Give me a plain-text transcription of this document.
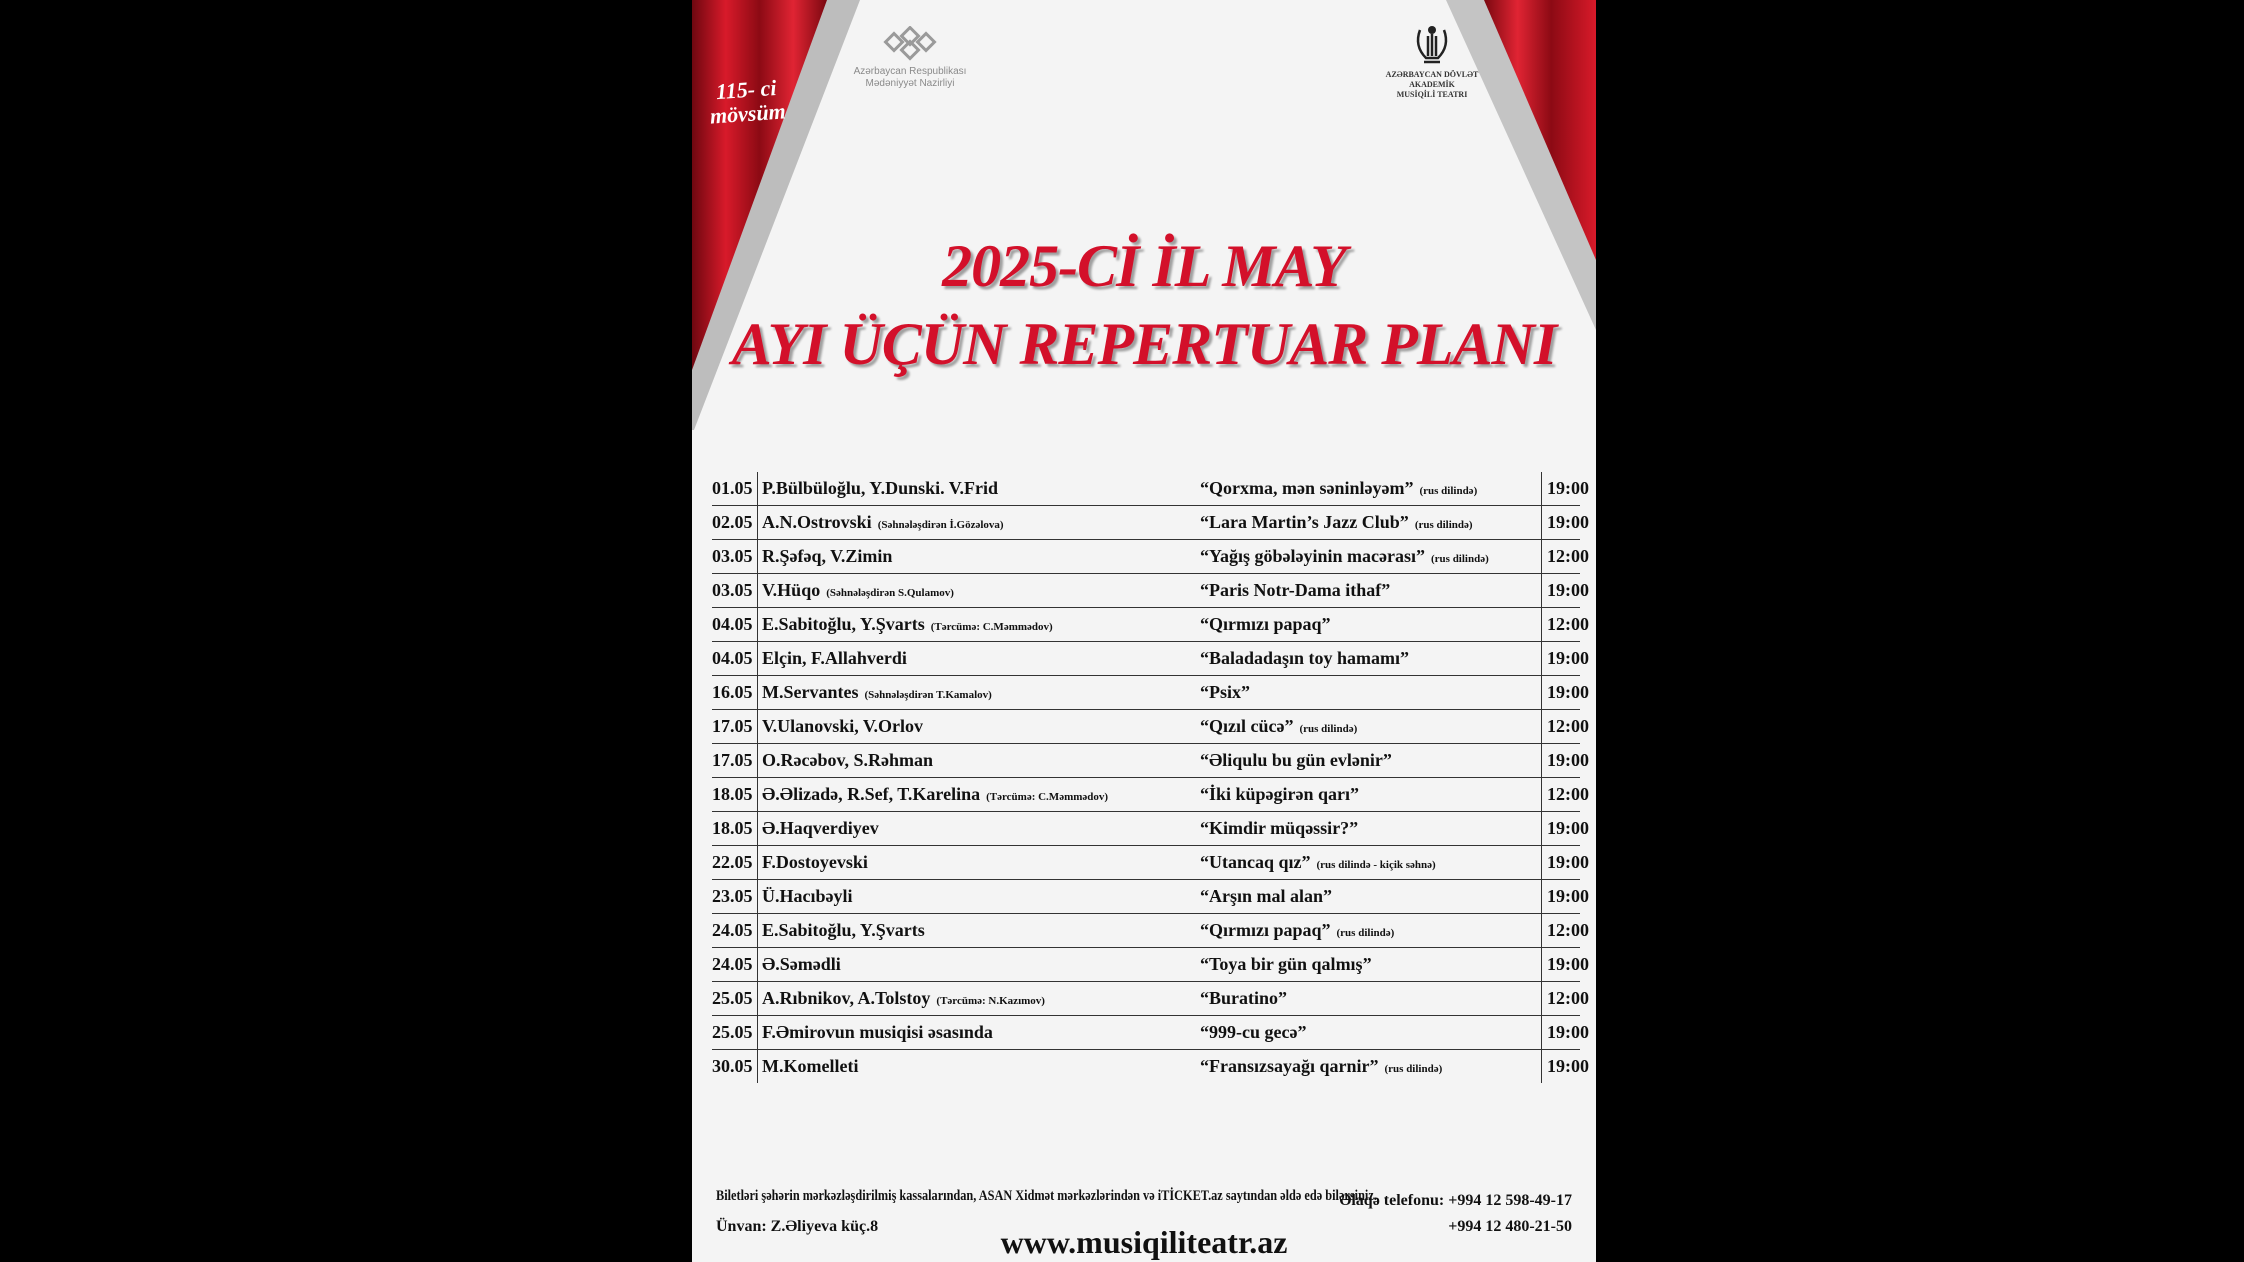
115- ci
mövsüm
Azərbaycan Respublikası
Mədəniyyət Nazirliyi
AZƏRBAYCAN DÖVLƏT
AKADEMİK
MUSİQİLİ TEATRI
2025-Cİ İL MAY
AYI ÜÇÜN REPERTUAR PLANI
01.05 P.Bülbüloğlu, Y.Dunski. V.Frid	“Qorxma, mən səninləyəm” (rus dilində)	19:00
02.05 A.N.Ostrovski (Səhnələşdirən İ.Gözəlova)	“Lara Martin’s Jazz Club” (rus dilində)	19:00
03.05 R.Şəfəq, V.Zimin	“Yağış göbələyinin macərası” (rus dilində)	12:00
03.05 V.Hüqo (Səhnələşdirən S.Qulamov)	“Paris Notr-Dama ithaf”	19:00
04.05 E.Sabitoğlu, Y.Şvarts (Tərcümə: C.Məmmədov)	“Qırmızı papaq”	12:00
04.05 Elçin, F.Allahverdi	“Baladadaşın toy hamamı”	19:00
16.05 M.Servantes (Səhnələşdirən T.Kamalov)	“Psix”	19:00
17.05 V.Ulanovski, V.Orlov	“Qızıl cücə” (rus dilində)	12:00
17.05 O.Rəcəbov, S.Rəhman	“Əliqulu bu gün evlənir”	19:00
18.05 Ə.Əlizadə, R.Sef, T.Karelina (Tərcümə: C.Məmmədov)	“İki küpəgirən qarı”	12:00
18.05 Ə.Haqverdiyev	“Kimdir müqəssir?”	19:00
22.05 F.Dostoyevski	“Utancaq qız” (rus dilində - kiçik səhnə)	19:00
23.05 Ü.Hacıbəyli	“Arşın mal alan”	19:00
24.05 E.Sabitoğlu, Y.Şvarts	“Qırmızı papaq” (rus dilində)	12:00
24.05 Ə.Səmədli	“Toya bir gün qalmış”	19:00
25.05 A.Rıbnikov, A.Tolstoy (Tərcümə: N.Kazımov)	“Buratino”	12:00
25.05 F.Əmirovun musiqisi əsasında	“999-cu gecə”	19:00
30.05 M.Komelleti	“Fransızsayağı qarnir” (rus dilində)	19:00
Biletləri şəhərin mərkəzləşdirilmiş kassalarından, ASAN Xidmət mərkəzlərindən və iTİCKET.az saytından əldə edə bilərsiniz.
Ünvan: Z.Əliyeva küç.8
Əlaqə telefonu: +994 12 598-49-17
+994 12 480-21-50
www.musiqiliteatr.az
